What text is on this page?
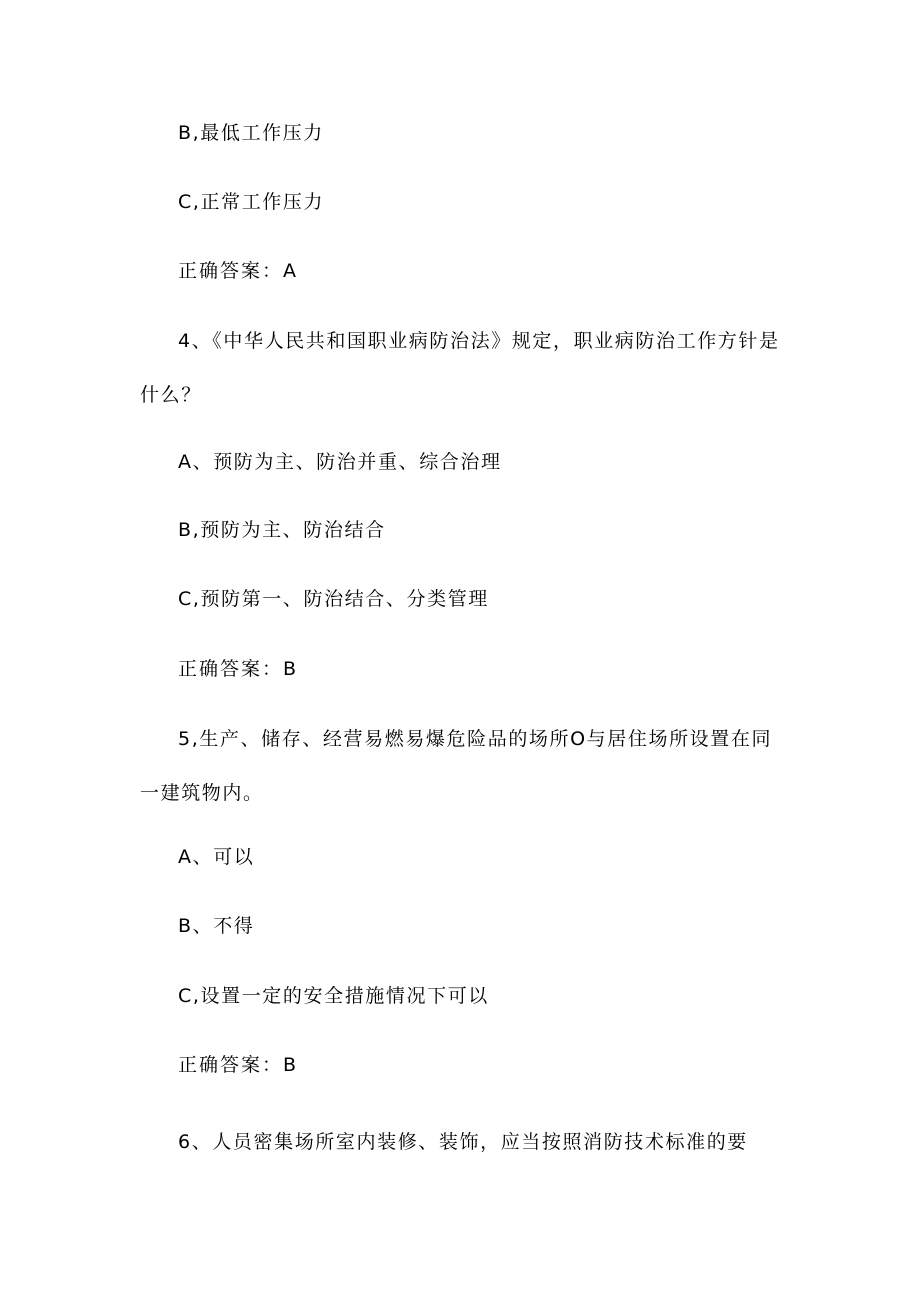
B,最低工作压力
C,正常工作压力
正确答案：A
4、《中华人民共和国职业病防治法》规定，职业病防治工作方针是什么？
A、预防为主、防治并重、综合治理
B,预防为主、防治结合
C,预防第一、防治结合、分类管理
正确答案：B
5,生产、储存、经营易燃易爆危险品的场所O与居住场所设置在同一建筑物内。
A、可以
B、不得
C,设置一定的安全措施情况下可以
正确答案：B
6、人员密集场所室内装修、装饰，应当按照消防技术标准的要
